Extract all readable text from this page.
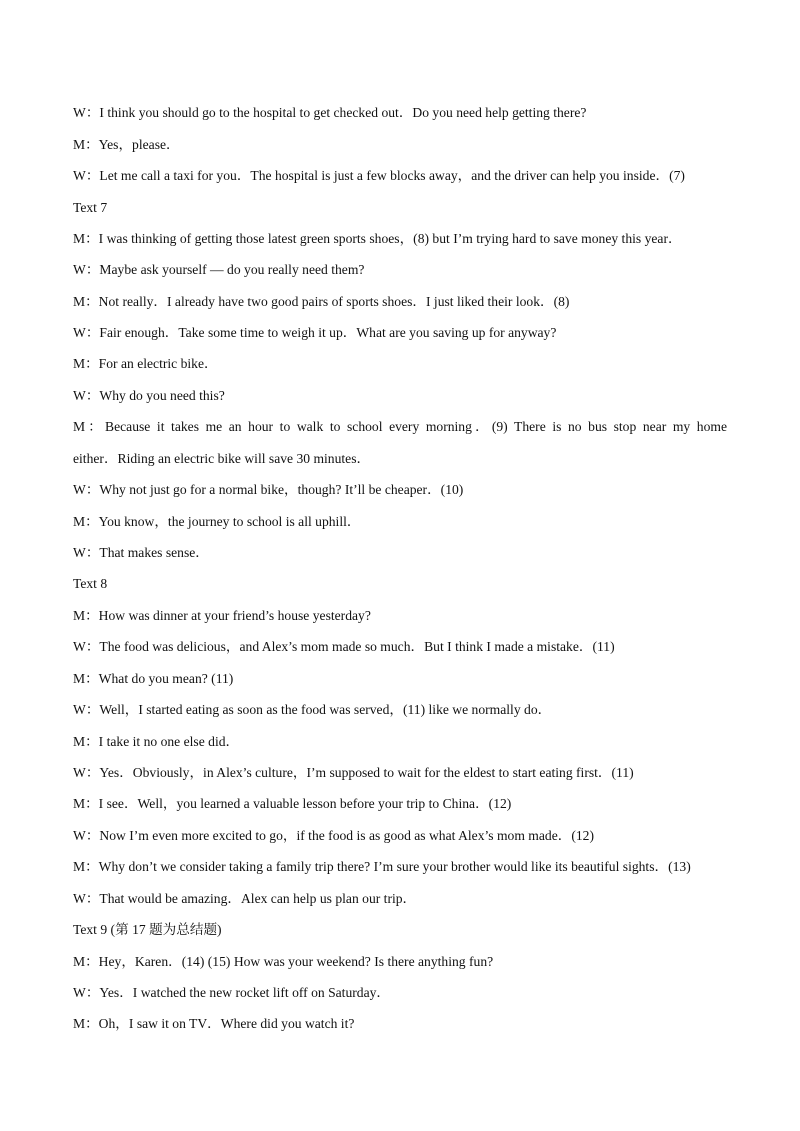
W：I think you should go to the hospital to get checked out．Do you need help getting there?
M：Yes，please．
W：Let me call a taxi for you．The hospital is just a few blocks away，and the driver can help you inside．(7)
Text 7
M：I was thinking of getting those latest green sports shoes，(8) but I’m trying hard to save money this year．
W：Maybe ask yourself — do you really need them?
M：Not really．I already have two good pairs of sports shoes．I just liked their look．(8)
W：Fair enough．Take some time to weigh it up．What are you saving up for anyway?
M：For an electric bike．
W：Why do you need this?
M：Because it takes me an hour to walk to school every morning．(9) There is no bus stop near my home
either．Riding an electric bike will save 30 minutes．
W：Why not just go for a normal bike，though? It’ll be cheaper．(10)
M：You know，the journey to school is all uphill．
W：That makes sense．
Text 8
M：How was dinner at your friend’s house yesterday?
W：The food was delicious，and Alex’s mom made so much．But I think I made a mistake．(11)
M：What do you mean? (11)
W：Well，I started eating as soon as the food was served，(11) like we normally do．
M：I take it no one else did．
W：Yes．Obviously，in Alex’s culture，I’m supposed to wait for the eldest to start eating first．(11)
M：I see．Well，you learned a valuable lesson before your trip to China．(12)
W：Now I’m even more excited to go，if the food is as good as what Alex’s mom made．(12)
M：Why don’t we consider taking a family trip there? I’m sure your brother would like its beautiful sights．(13)
W：That would be amazing．Alex can help us plan our trip．
Text 9 (第 17 题为总结题)
M：Hey，Karen．(14) (15) How was your weekend? Is there anything fun?
W：Yes．I watched the new rocket lift off on Saturday．
M：Oh，I saw it on TV．Where did you watch it?
